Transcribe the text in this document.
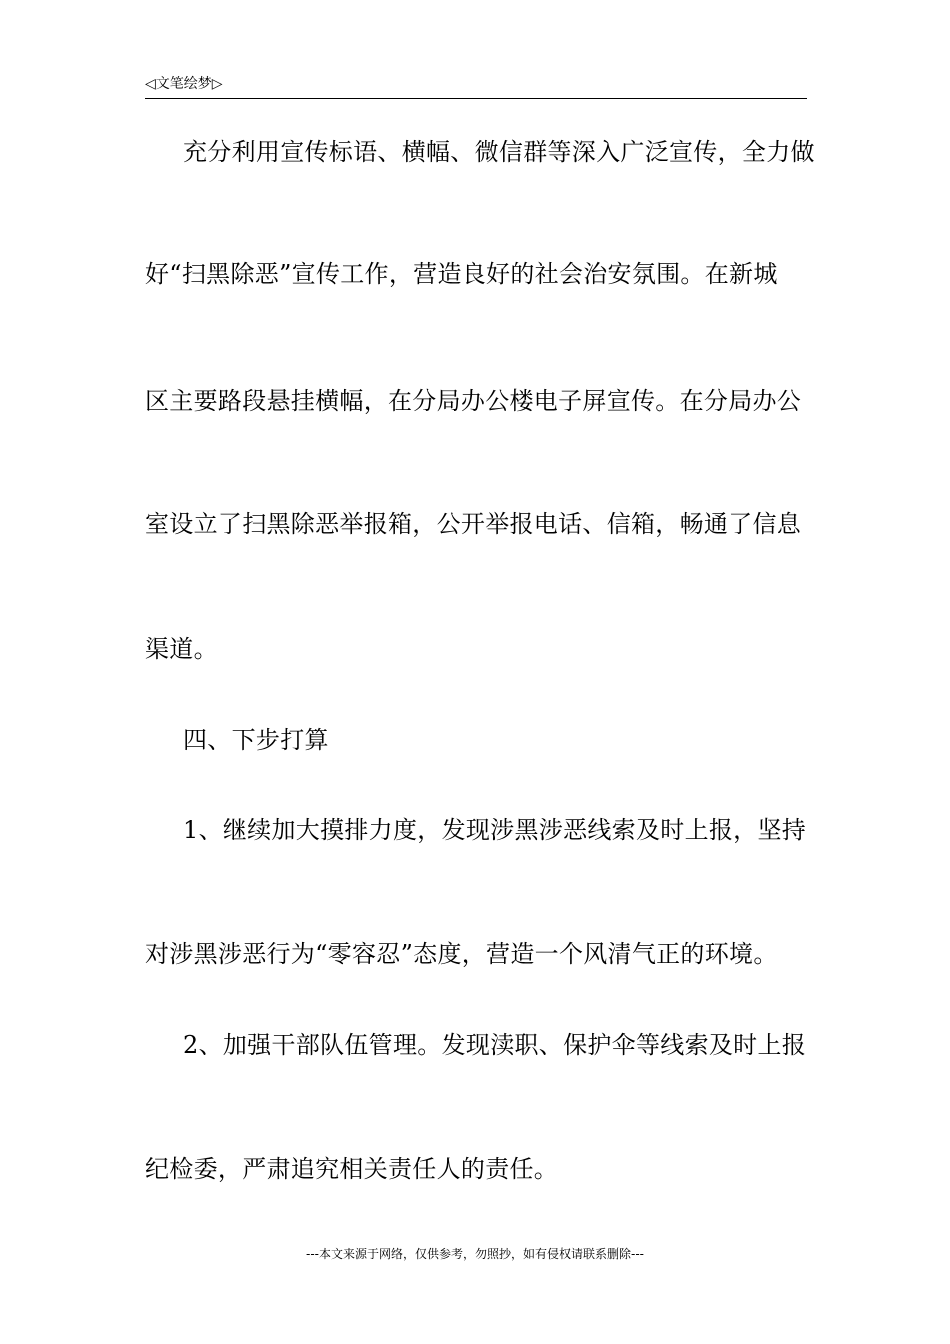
◁文笔绘梦▷
充分利用宣传标语、横幅、微信群等深入广泛宣传，全力做
好“扫黑除恶”宣传工作，营造良好的社会治安氛围。在新城
区主要路段悬挂横幅，在分局办公楼电子屏宣传。在分局办公
室设立了扫黑除恶举报箱，公开举报电话、信箱，畅通了信息
渠道。
四、下步打算
1、继续加大摸排力度，发现涉黑涉恶线索及时上报，坚持
对涉黑涉恶行为“零容忍”态度，营造一个风清气正的环境。
2、加强干部队伍管理。发现渎职、保护伞等线索及时上报
纪检委，严肃追究相关责任人的责任。
---本文来源于网络，仅供参考，勿照抄，如有侵权请联系删除---
